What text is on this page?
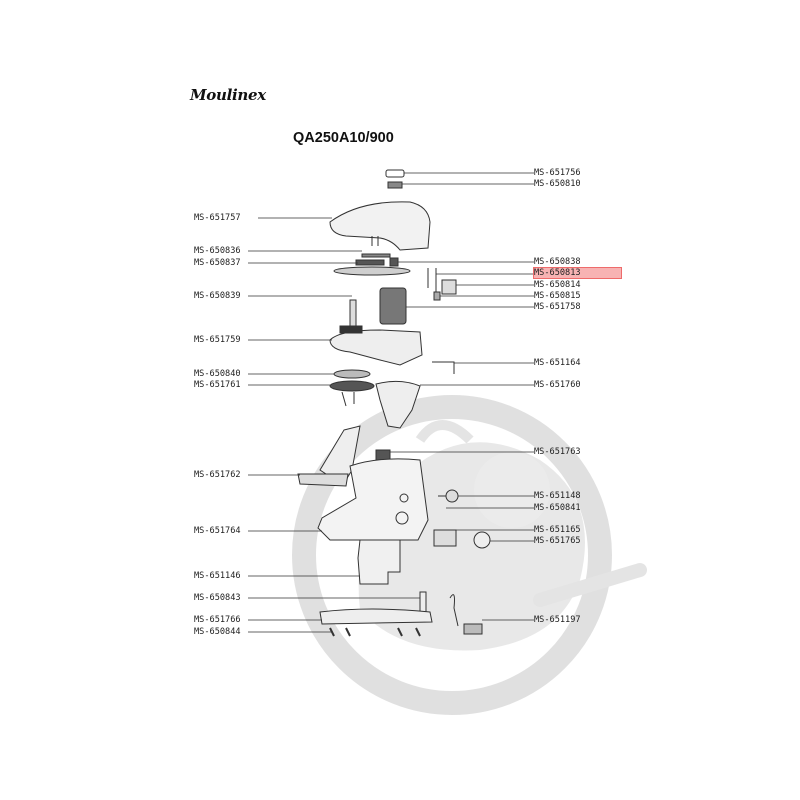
Moulinex
QA250A10/900
MS-651757
MS-650836
MS-650837
MS-650839
MS-651759
MS-650840
MS-651761
MS-651762
MS-651764
MS-651146
MS-650843
MS-651766
MS-650844
MS-651756
MS-650810
MS-650838
MS-650813
MS-650814
MS-650815
MS-651758
MS-651164
MS-651760
MS-651763
MS-651148
MS-650841
MS-651165
MS-651765
MS-651197
